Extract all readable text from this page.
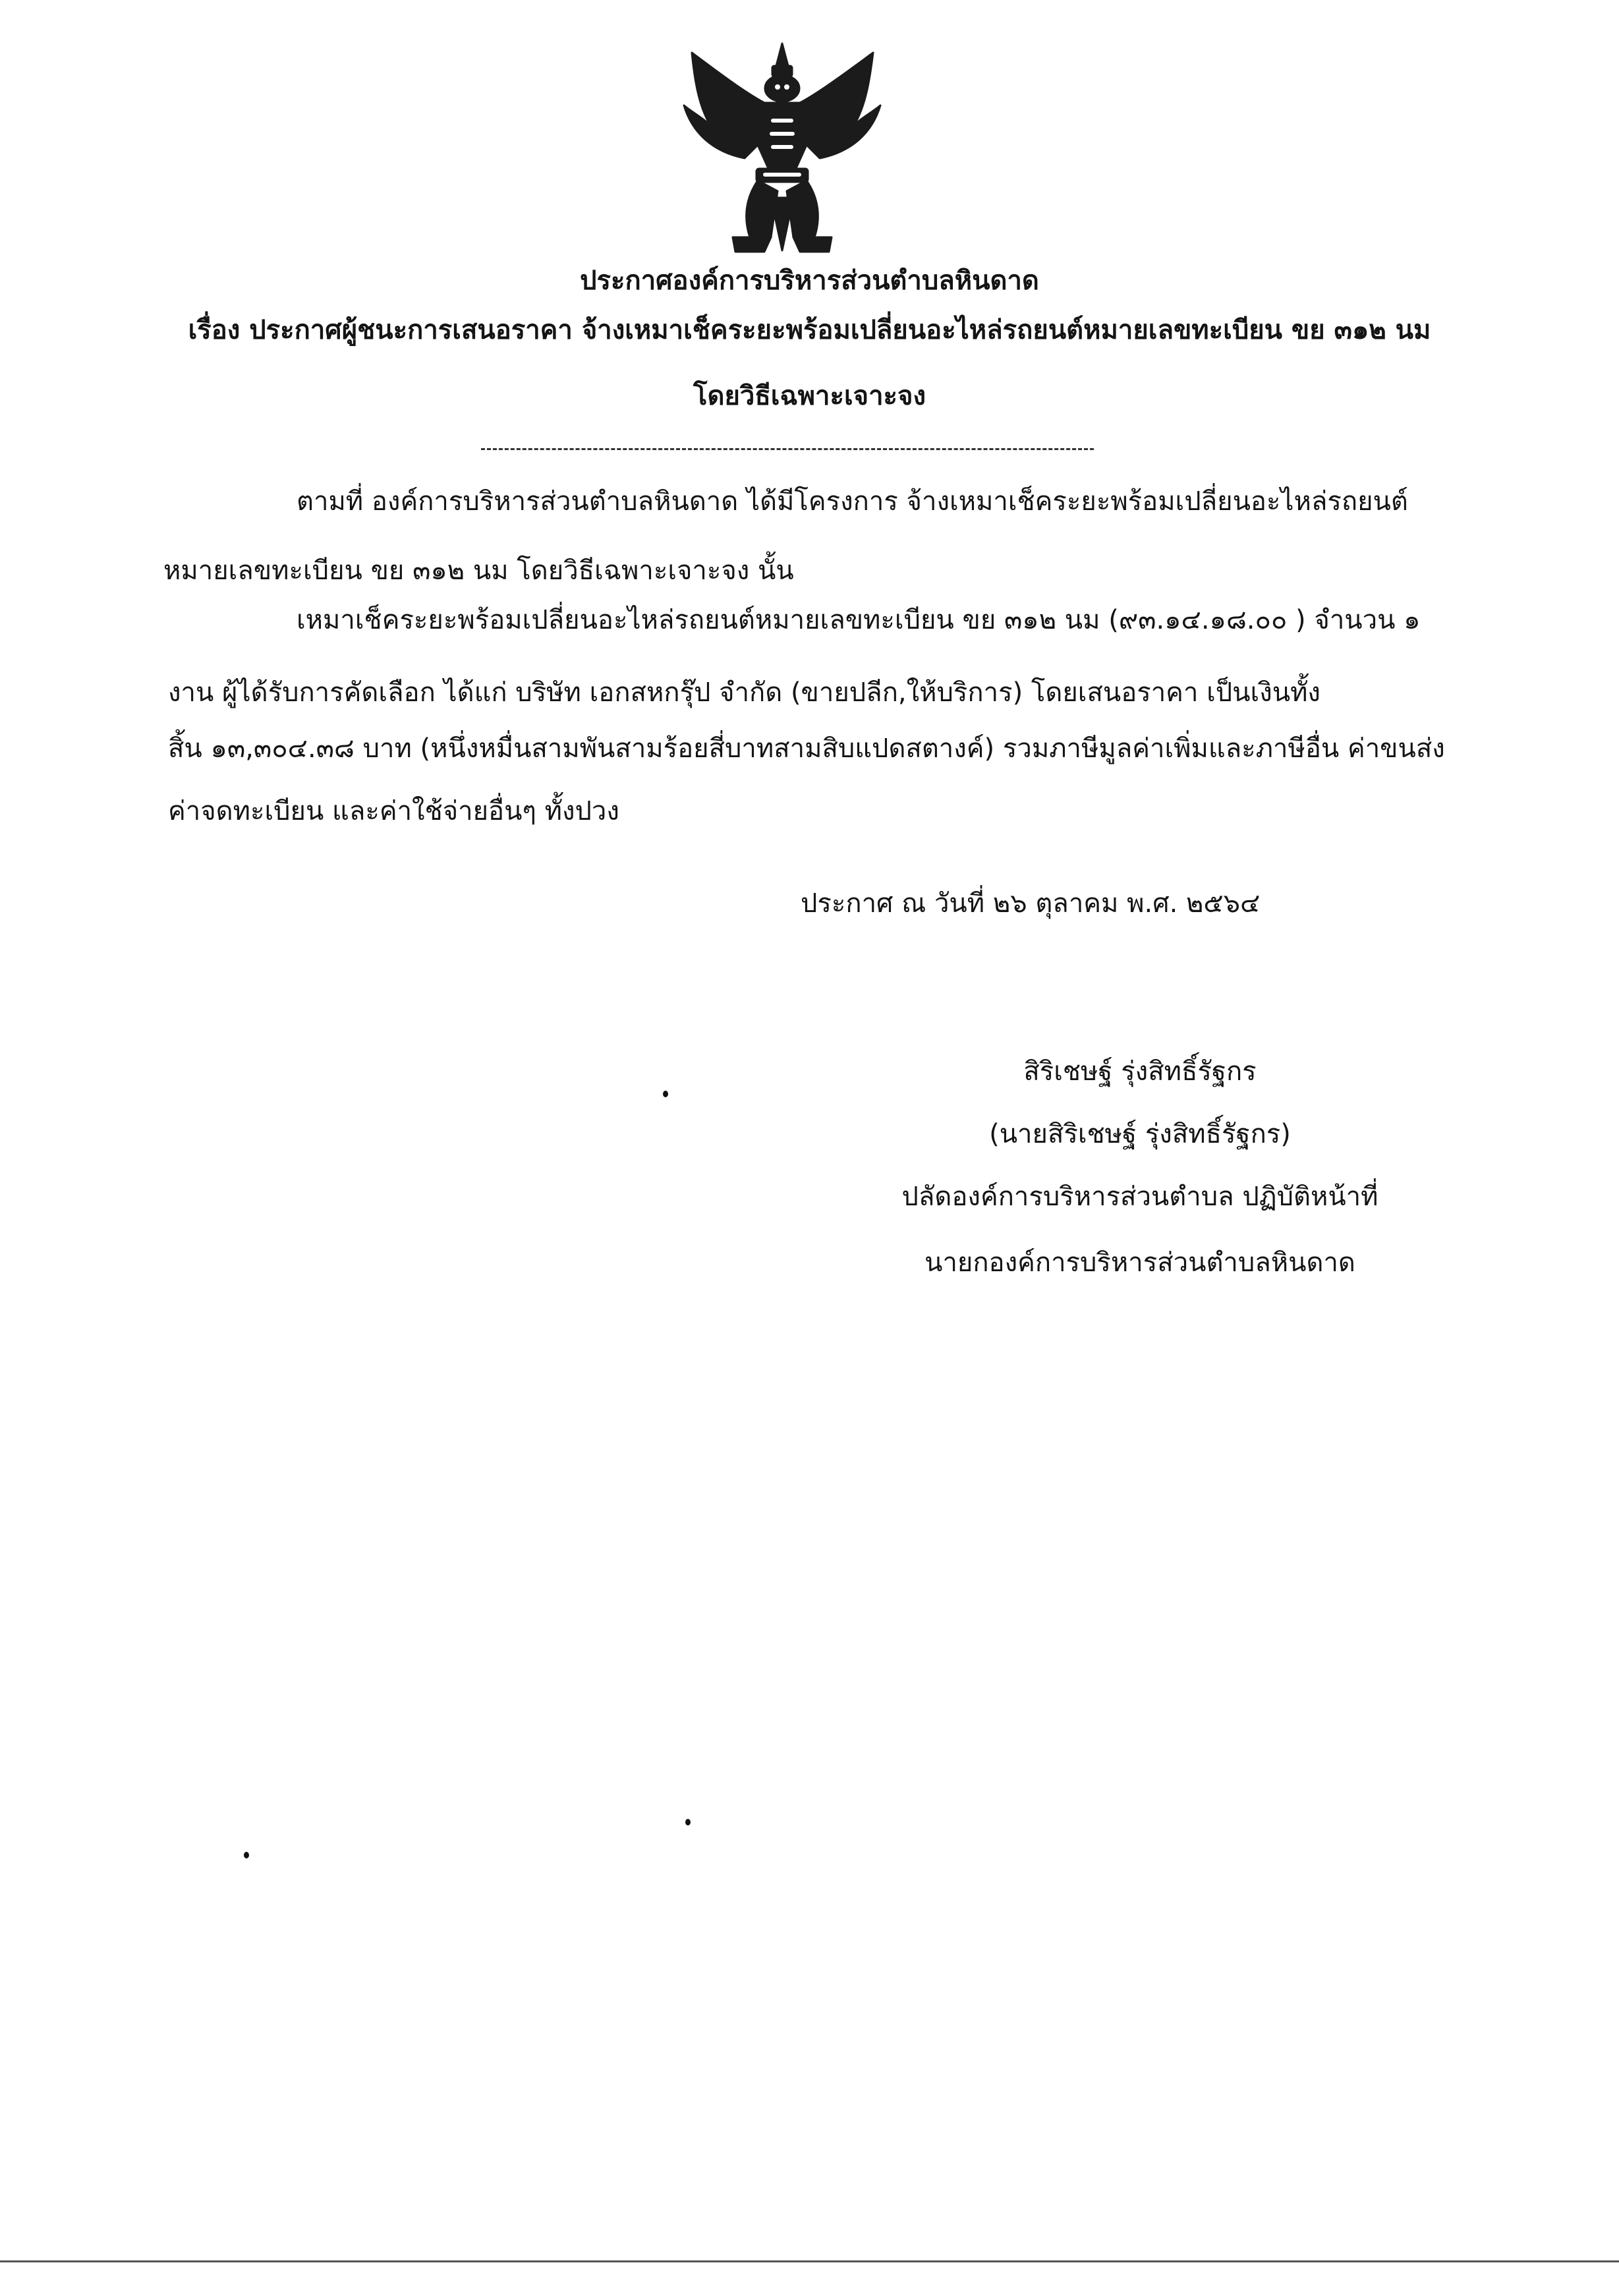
ประกาศองค์การบริหารส่วนตำบลหินดาด
เรื่อง ประกาศผู้ชนะการเสนอราคา จ้างเหมาเช็คระยะพร้อมเปลี่ยนอะไหล่รถยนต์หมายเลขทะเบียน ขย ๓๑๒ นม
โดยวิธีเฉพาะเจาะจง
ตามที่ องค์การบริหารส่วนตำบลหินดาด ได้มีโครงการ จ้างเหมาเช็คระยะพร้อมเปลี่ยนอะไหล่รถยนต์
หมายเลขทะเบียน ขย ๓๑๒ นม โดยวิธีเฉพาะเจาะจง นั้น
เหมาเช็คระยะพร้อมเปลี่ยนอะไหล่รถยนต์หมายเลขทะเบียน ขย ๓๑๒ นม (๙๓.๑๔.๑๘.๐๐ ) จำนวน ๑
งาน ผู้ได้รับการคัดเลือก ได้แก่ บริษัท เอกสหกรุ๊ป จำกัด (ขายปลีก,ให้บริการ) โดยเสนอราคา เป็นเงินทั้ง
สิ้น ๑๓,๓๐๔.๓๘ บาท (หนึ่งหมื่นสามพันสามร้อยสี่บาทสามสิบแปดสตางค์) รวมภาษีมูลค่าเพิ่มและภาษีอื่น ค่าขนส่ง
ค่าจดทะเบียน และค่าใช้จ่ายอื่นๆ ทั้งปวง
ประกาศ ณ วันที่ ๒๖ ตุลาคม พ.ศ. ๒๕๖๔
สิริเชษฐ์ รุ่งสิทธิ์รัฐกร
(นายสิริเชษฐ์ รุ่งสิทธิ์รัฐกร)
ปลัดองค์การบริหารส่วนตำบล ปฏิบัติหน้าที่
นายกองค์การบริหารส่วนตำบลหินดาด
